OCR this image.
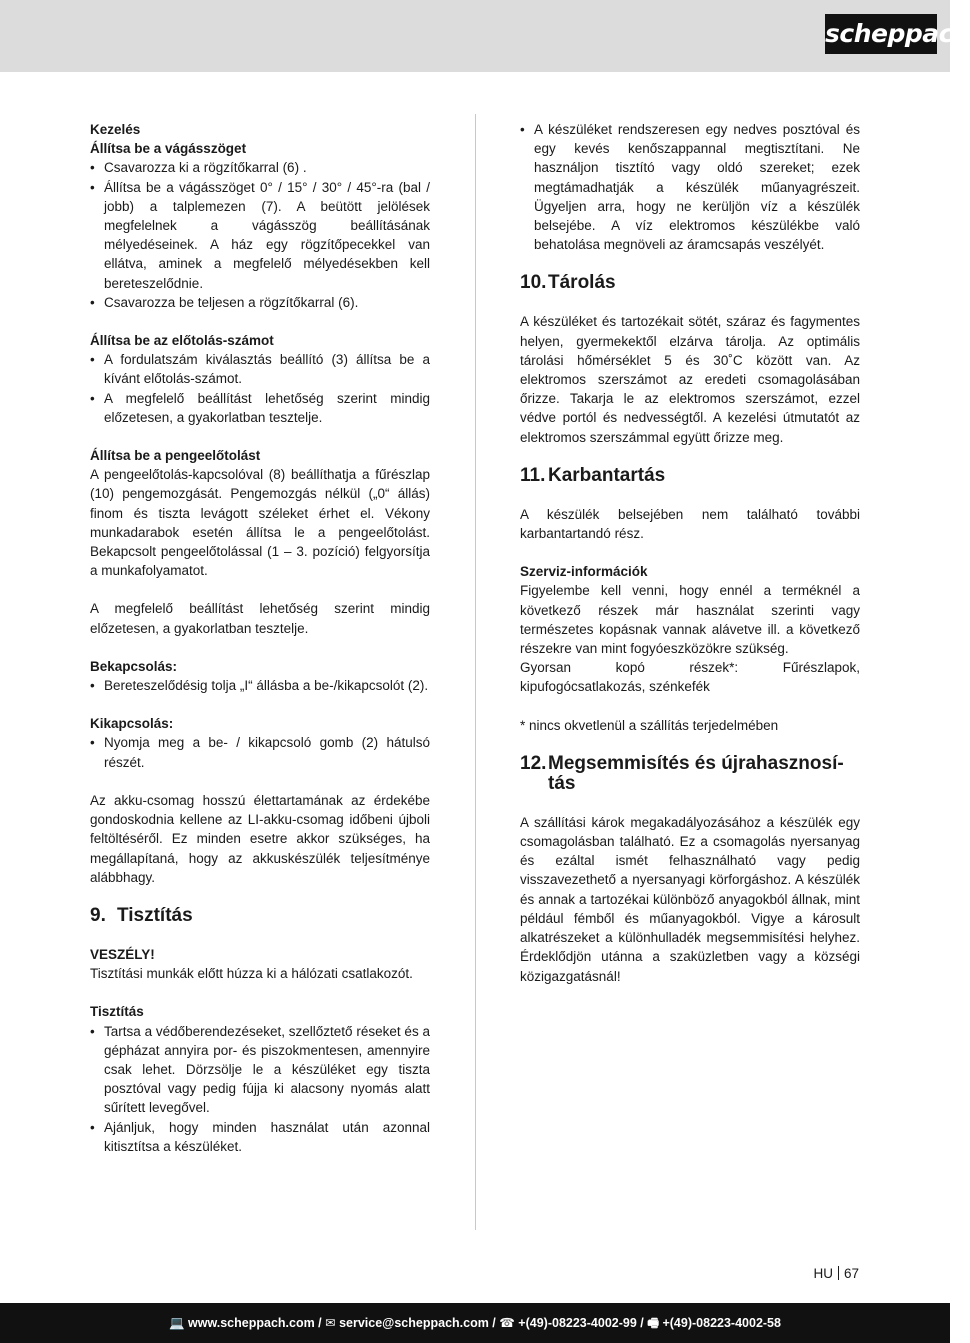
scheppach

Kezelés

Állítsa be a vágásszöget

• Csavarozza ki a rögzítőkarral (6) .
• Állítsa be a vágásszöget 0° / 15° / 30° / 45°-ra (bal / jobb) a talplemezen (7). A beütött jelölések megfelelnek a vágásszög beállításának mélyedéseinek. A ház egy rögzítőpecekkel van ellátva, aminek a megfelelő mélyedésekben kell bereteszelődnie.
• Csavarozza be teljesen a rögzítőkarral (6).

Állítsa be az előtolás-számot

• A fordulatszám kiválasztás beállító (3) állítsa be a kívánt előtolás-számot.
• A megfelelő beállítást lehetőség szerint mindig előzetesen, a gyakorlatban tesztelje.

Állítsa be a pengeelőtolást

A pengeelőtolás-kapcsolóval (8) beállíthatja a fűrészlap (10) pengemozgását. Pengemozgás nélkül („0“ állás) finom és tiszta levágott széleket érhet el. Vékony munkadarabok esetén állítsa le a pengeelőtolást. Bekapcsolt pengeelőtolással (1 – 3. pozíció) felgyorsítja a munkafolyamatot.

A megfelelő beállítást lehetőség szerint mindig előzetesen, a gyakorlatban tesztelje.

Bekapcsolás:

• Bereteszelődésig tolja „I“ állásba a be-/kikapcsolót (2).

Kikapcsolás:

• Nyomja meg a be- / kikapcsoló gomb (2) hátulsó részét.

Az akku-csomag hosszú élettartamának az érdekébe gondoskodnia kellene az LI-akku-csomag időbeni újboli feltöltéséről. Ez minden esetre akkor szükséges, ha megállapítaná, hogy az akkuskészülék teljesítménye alábbhagy.

9. Tisztítás

VESZÉLY!

Tisztítási munkák előtt húzza ki a hálózati csatlakozót.

Tisztítás

• Tartsa a védőberendezéseket, szellőztető réseket és a gépházat annyira por- és piszokmentesen, amennyire csak lehet. Dörzsölje le a készüléket egy tiszta posztóval vagy pedig fújja ki alacsony nyomás alatt sűrített levegővel.
• Ajánljuk, hogy minden használat után azonnal kitisztítsa a készüléket.
• A készüléket rendszeresen egy nedves posztóval és egy kevés kenőszappannal megtisztítani. Ne használjon tisztító vagy oldó szereket; ezek megtámadhatják a készülék műanyagrészeit. Ügyeljen arra, hogy ne kerüljön víz a készülék belsejébe. A víz elektromos készülékbe való behatolása megnöveli az áramcsapás veszélyét.
10. Tárolás

A készüléket és tartozékait sötét, száraz és fagymentes helyen, gyermekektől elzárva tárolja. Az optimális tárolási hőmérséklet 5 és 30˚C között van. Az elektromos szerszámot az eredeti csomagolásában őrizze. Takarja le az elektromos szerszámot, ezzel védve portól és nedvességtől. A kezelési útmutatót az elektromos szerszámmal együtt őrizze meg.

11. Karbantartás

A készülék belsejében nem található további karbantartandó rész.

Szerviz-információk

Figyelembe kell venni, hogy ennél a terméknél a következő részek már használat szerinti vagy természetes kopásnak vannak alávetve ill. a következő részekre van mint fogyóeszközökre szükség.

Gyorsan kopó részek*: Fűrészlapok, kipufogócsatlakozás, szénkefék

* nincs okvetlenül a szállítás terjedelmében

12. Megsemmisítés és újrahasznosí-
tás

A szállítási károk megakadályozásához a készülék egy csomagolásban található. Ez a csomagolás nyersanyag és ezáltal ismét felhasználható vagy pedig visszavezethető a nyersanyagi körforgáshoz. A készülék és annak a tartozékai különböző anyagokból állnak, mint például fémből és műanyagokból. Vigye a károsult alkatrészeket a különhulladék megsemmisítési helyhez. Érdeklődjön utánna a szaküzletben vagy a községi közigazgatásnál!

HU 67
💻 www.scheppach.com / ✉ service@scheppach.com / ☎ +(49)-08223-4002-99 / 🖷 +(49)-08223-4002-58
